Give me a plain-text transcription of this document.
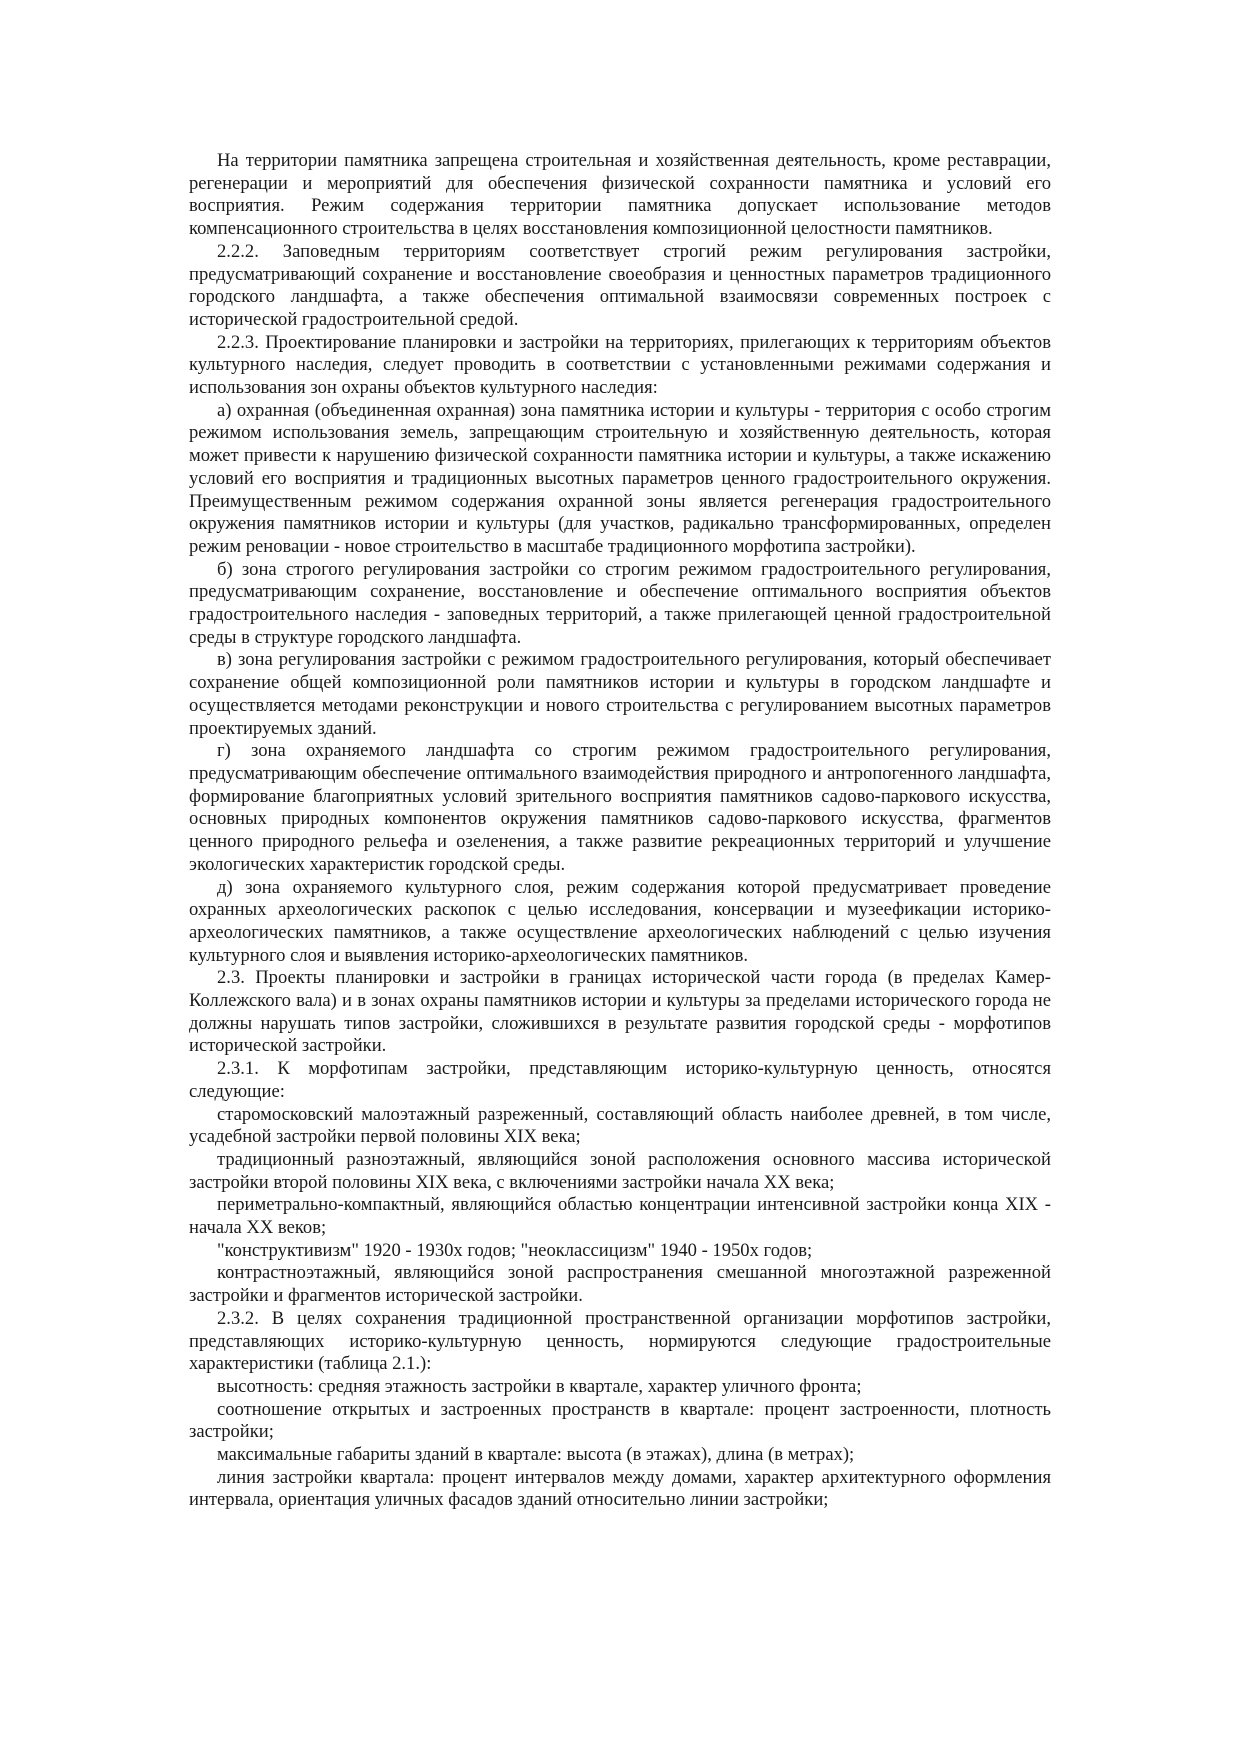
На территории памятника запрещена строительная и хозяйственная деятельность, кроме реставрации, регенерации и мероприятий для обеспечения физической сохранности памятника и условий его восприятия. Режим содержания территории памятника допускает использование методов компенсационного строительства в целях восстановления композиционной целостности памятников.

2.2.2. Заповедным территориям соответствует строгий режим регулирования застройки, предусматривающий сохранение и восстановление своеобразия и ценностных параметров традиционного городского ландшафта, а также обеспечения оптимальной взаимосвязи современных построек с исторической градостроительной средой.

2.2.3. Проектирование планировки и застройки на территориях, прилегающих к территориям объектов культурного наследия, следует проводить в соответствии с установленными режимами содержания и использования зон охраны объектов культурного наследия:

а) охранная (объединенная охранная) зона памятника истории и культуры - территория с особо строгим режимом использования земель, запрещающим строительную и хозяйственную деятельность, которая может привести к нарушению физической сохранности памятника истории и культуры, а также искажению условий его восприятия и традиционных высотных параметров ценного градостроительного окружения. Преимущественным режимом содержания охранной зоны является регенерация градостроительного окружения памятников истории и культуры (для участков, радикально трансформированных, определен режим реновации - новое строительство в масштабе традиционного морфотипа застройки).

б) зона строгого регулирования застройки со строгим режимом градостроительного регулирования, предусматривающим сохранение, восстановление и обеспечение оптимального восприятия объектов градостроительного наследия - заповедных территорий, а также прилегающей ценной градостроительной среды в структуре городского ландшафта.

в) зона регулирования застройки с режимом градостроительного регулирования, который обеспечивает сохранение общей композиционной роли памятников истории и культуры в городском ландшафте и осуществляется методами реконструкции и нового строительства с регулированием высотных параметров проектируемых зданий.

г) зона охраняемого ландшафта со строгим режимом градостроительного регулирования, предусматривающим обеспечение оптимального взаимодействия природного и антропогенного ландшафта, формирование благоприятных условий зрительного восприятия памятников садово-паркового искусства, основных природных компонентов окружения памятников садово-паркового искусства, фрагментов ценного природного рельефа и озеленения, а также развитие рекреационных территорий и улучшение экологических характеристик городской среды.

д) зона охраняемого культурного слоя, режим содержания которой предусматривает проведение охранных археологических раскопок с целью исследования, консервации и музеефикации историко-археологических памятников, а также осуществление археологических наблюдений с целью изучения культурного слоя и выявления историко-археологических памятников.

2.3. Проекты планировки и застройки в границах исторической части города (в пределах Камер-Коллежского вала) и в зонах охраны памятников истории и культуры за пределами исторического города не должны нарушать типов застройки, сложившихся в результате развития городской среды - морфотипов исторической застройки.

2.3.1. К морфотипам застройки, представляющим историко-культурную ценность, относятся следующие:

старомосковский малоэтажный разреженный, составляющий область наиболее древней, в том числе, усадебной застройки первой половины XIX века;

традиционный разноэтажный, являющийся зоной расположения основного массива исторической застройки второй половины XIX века, с включениями застройки начала XX века;

периметрально-компактный, являющийся областью концентрации интенсивной застройки конца XIX - начала XX веков;

"конструктивизм" 1920 - 1930х годов; "неоклассицизм" 1940 - 1950х годов;

контрастноэтажный, являющийся зоной распространения смешанной многоэтажной разреженной застройки и фрагментов исторической застройки.

2.3.2. В целях сохранения традиционной пространственной организации морфотипов застройки, представляющих историко-культурную ценность, нормируются следующие градостроительные характеристики (таблица 2.1.):

высотность: средняя этажность застройки в квартале, характер уличного фронта;

соотношение открытых и застроенных пространств в квартале: процент застроенности, плотность застройки;

максимальные габариты зданий в квартале: высота (в этажах), длина (в метрах);

линия застройки квартала: процент интервалов между домами, характер архитектурного оформления интервала, ориентация уличных фасадов зданий относительно линии застройки;
